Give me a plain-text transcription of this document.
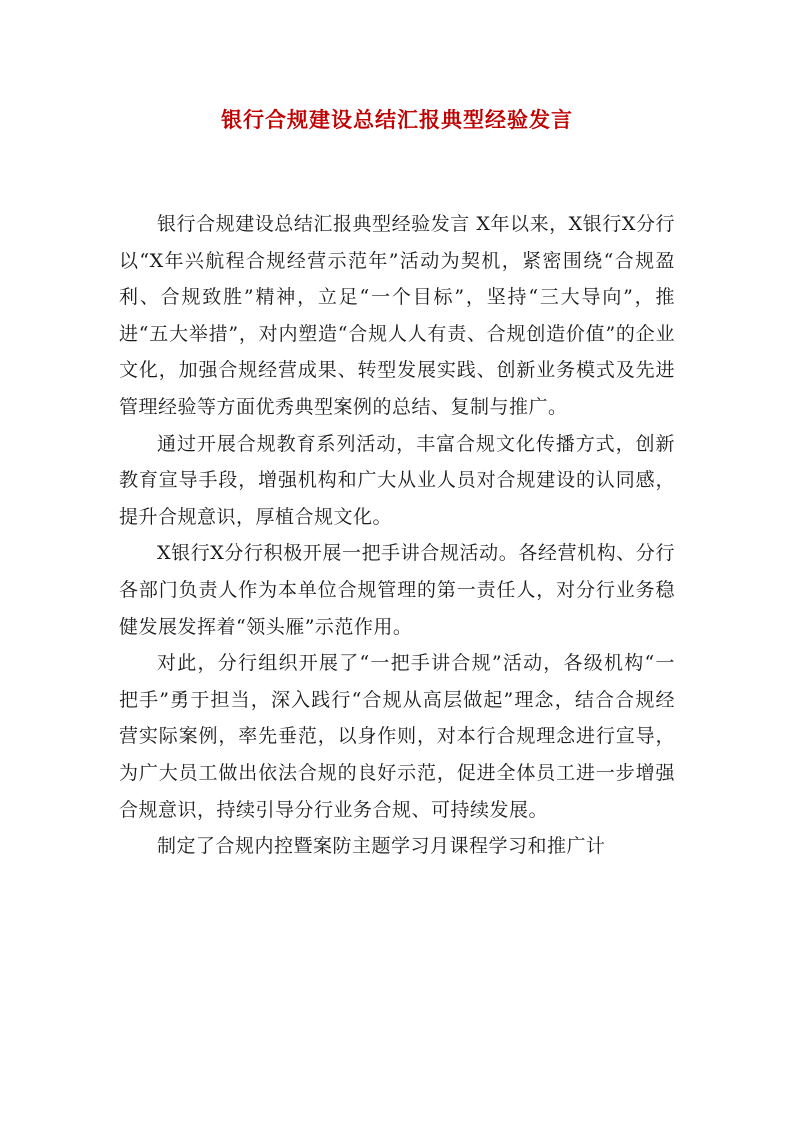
银行合规建设总结汇报典型经验发言

银行合规建设总结汇报典型经验发言 X年以来，X银行X分行以“X年兴航程合规经营示范年”活动为契机，紧密围绕“合规盈利、合规致胜”精神，立足“一个目标”，坚持“三大导向”，推进“五大举措”，对内塑造“合规人人有责、合规创造价值”的企业文化，加强合规经营成果、转型发展实践、创新业务模式及先进管理经验等方面优秀典型案例的总结、复制与推广。

通过开展合规教育系列活动，丰富合规文化传播方式，创新教育宣导手段，增强机构和广大从业人员对合规建设的认同感，提升合规意识，厚植合规文化。

X银行X分行积极开展一把手讲合规活动。各经营机构、分行各部门负责人作为本单位合规管理的第一责任人，对分行业务稳健发展发挥着“领头雁”示范作用。

对此，分行组织开展了“一把手讲合规”活动，各级机构“一把手”勇于担当，深入践行“合规从高层做起”理念，结合合规经营实际案例，率先垂范，以身作则，对本行合规理念进行宣导，为广大员工做出依法合规的良好示范，促进全体员工进一步增强合规意识，持续引导分行业务合规、可持续发展。

制定了合规内控暨案防主题学习月课程学习和推广计
